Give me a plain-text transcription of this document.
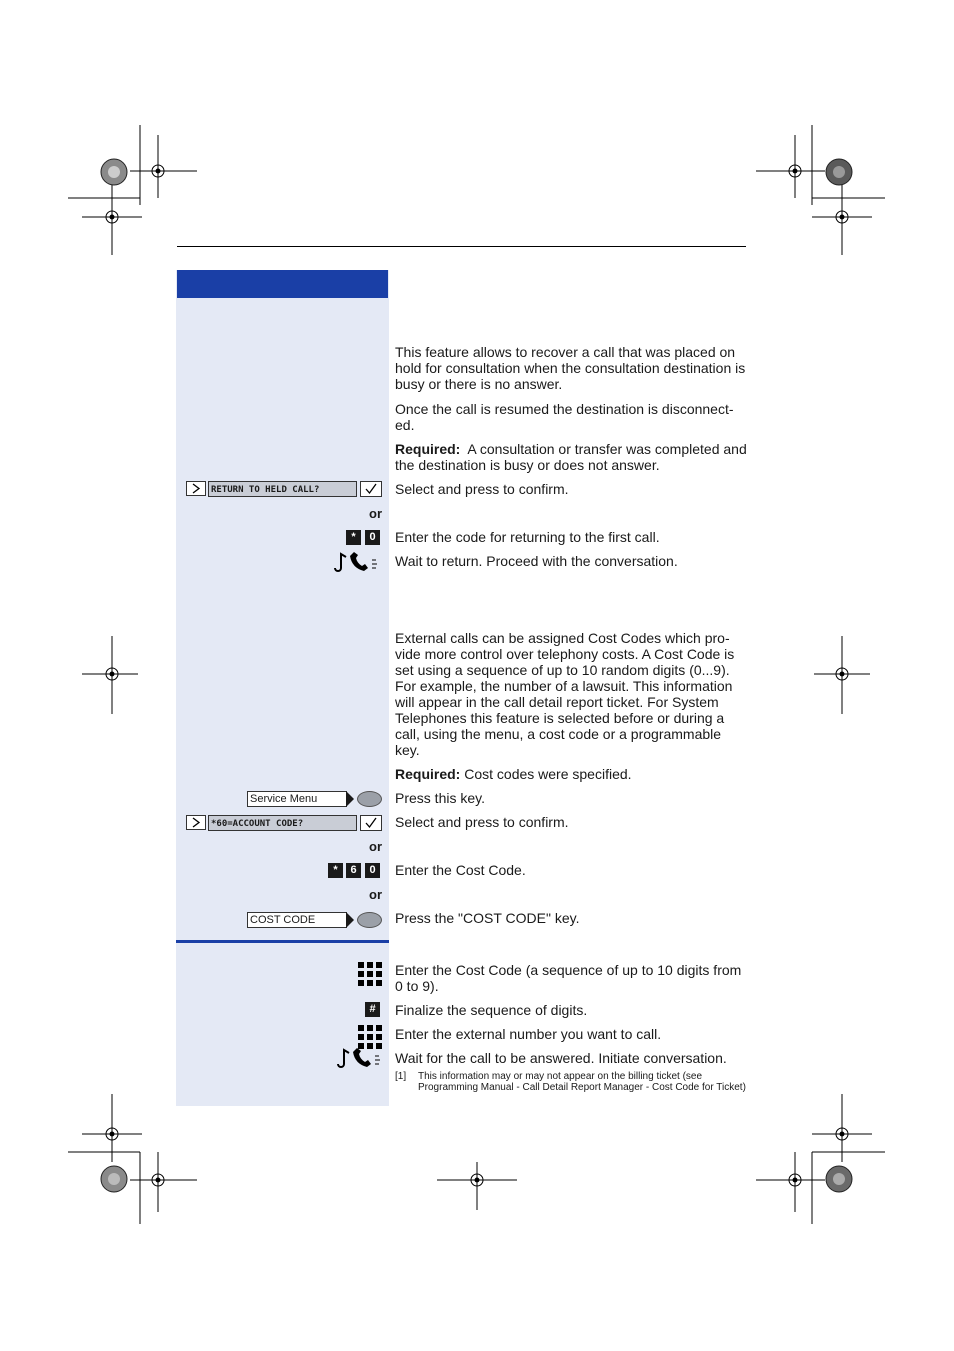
This feature allows to recover a call that was placed on hold for consultation when the consultation destination is busy or there is no answer.
Once the call is resumed the destination is disconnect- ed.
Required: A consultation or transfer was completed and the destination is busy or does not answer.
RETURN TO HELD CALL?	Select and press to confirm.
or
*	0	Enter the code for returning to the first call.
Wait to return. Proceed with the conversation.
External calls can be assigned Cost Codes which pro- vide more control over telephony costs. A Cost Code is set using a sequence of up to 10 random digits (0...9). For example, the number of a lawsuit. This information will appear in the call detail report ticket. For System Telephones this feature is selected before or during a call, using the menu, a cost code or a programmable key.
Required: Cost codes were specified.
Service Menu	Press this key.
*60=ACCOUNT CODE?	Select and press to confirm.
or
*	6	0	Enter the Cost Code.
or
COST CODE	Press the "COST CODE" key.
Enter the Cost Code (a sequence of up to 10 digits from 0 to 9).
#	Finalize the sequence of digits.
Enter the external number you want to call.
Wait for the call to be answered. Initiate conversation.
[1] This information may or may not appear on the billing ticket (see Programming Manual - Call Detail Report Manager - Cost Code for Ticket)
